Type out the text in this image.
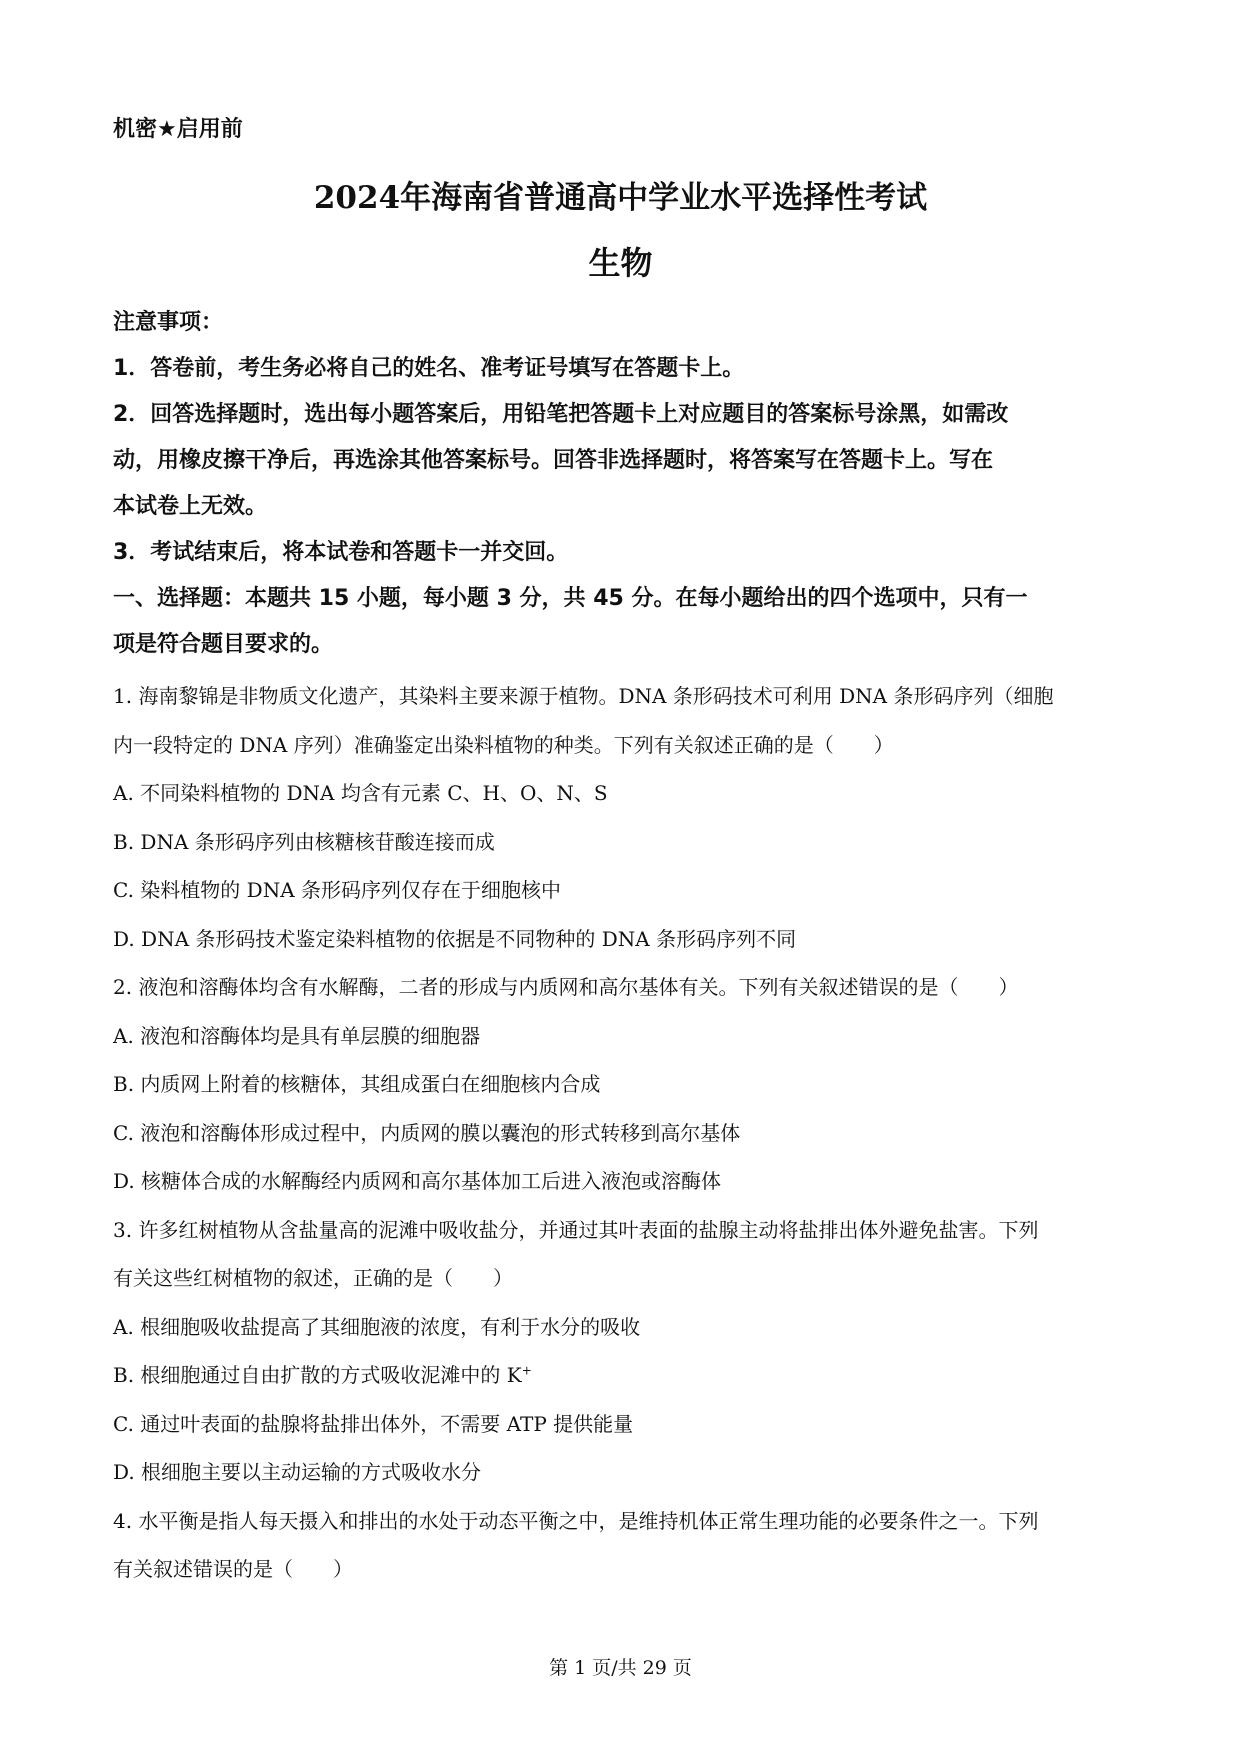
机密★启用前
2024年海南省普通高中学业水平选择性考试
生物
注意事项：
1．答卷前，考生务必将自己的姓名、准考证号填写在答题卡上。
2．回答选择题时，选出每小题答案后，用铅笔把答题卡上对应题目的答案标号涂黑，如需改
动，用橡皮擦干净后，再选涂其他答案标号。回答非选择题时，将答案写在答题卡上。写在
本试卷上无效。
3．考试结束后，将本试卷和答题卡一并交回。
一、选择题：本题共 15 小题，每小题 3 分，共 45 分。在每小题给出的四个选项中，只有一
项是符合题目要求的。
1. 海南黎锦是非物质文化遗产，其染料主要来源于植物。DNA 条形码技术可利用 DNA 条形码序列（细胞
内一段特定的 DNA 序列）准确鉴定出染料植物的种类。下列有关叙述正确的是（　　）
A. 不同染料植物的 DNA 均含有元素 C、H、O、N、S
B. DNA 条形码序列由核糖核苷酸连接而成
C. 染料植物的 DNA 条形码序列仅存在于细胞核中
D. DNA 条形码技术鉴定染料植物的依据是不同物种的 DNA 条形码序列不同
2. 液泡和溶酶体均含有水解酶，二者的形成与内质网和高尔基体有关。下列有关叙述错误的是（　　）
A. 液泡和溶酶体均是具有单层膜的细胞器
B. 内质网上附着的核糖体，其组成蛋白在细胞核内合成
C. 液泡和溶酶体形成过程中，内质网的膜以囊泡的形式转移到高尔基体
D. 核糖体合成的水解酶经内质网和高尔基体加工后进入液泡或溶酶体
3. 许多红树植物从含盐量高的泥滩中吸收盐分，并通过其叶表面的盐腺主动将盐排出体外避免盐害。下列
有关这些红树植物的叙述，正确的是（　　）
A. 根细胞吸收盐提高了其细胞液的浓度，有利于水分的吸收
B. 根细胞通过自由扩散的方式吸收泥滩中的 K+
C. 通过叶表面的盐腺将盐排出体外，不需要 ATP 提供能量
D. 根细胞主要以主动运输的方式吸收水分
4. 水平衡是指人每天摄入和排出的水处于动态平衡之中，是维持机体正常生理功能的必要条件之一。下列
有关叙述错误的是（　　）
第 1 页/共 29 页
